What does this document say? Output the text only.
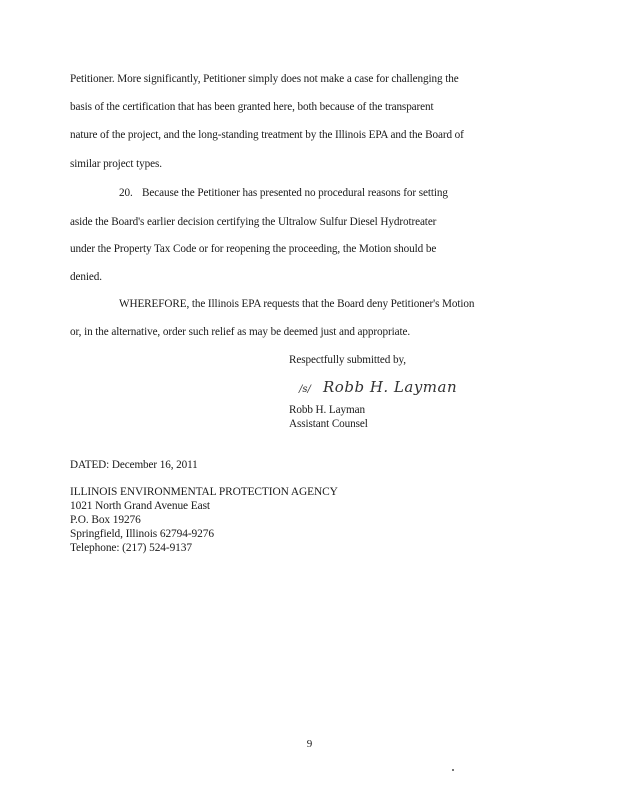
Petitioner. More significantly, Petitioner simply does not make a case for challenging the
basis of the certification that has been granted here, both because of the transparent
nature of the project, and the long-standing treatment by the Illinois EPA and the Board of
similar project types.
20. Because the Petitioner has presented no procedural reasons for setting
aside the Board's earlier decision certifying the Ultralow Sulfur Diesel Hydrotreater
under the Property Tax Code or for reopening the proceeding, the Motion should be
denied.
WHEREFORE, the Illinois EPA requests that the Board deny Petitioner's Motion
or, in the alternative, order such relief as may be deemed just and appropriate.
Respectfully submitted by,
/s/ Robb H. Layman
Robb H. Layman
Assistant Counsel
DATED: December 16, 2011
ILLINOIS ENVIRONMENTAL PROTECTION AGENCY
1021 North Grand Avenue East
P.O. Box 19276
Springfield, Illinois 62794-9276
Telephone: (217) 524-9137
9
